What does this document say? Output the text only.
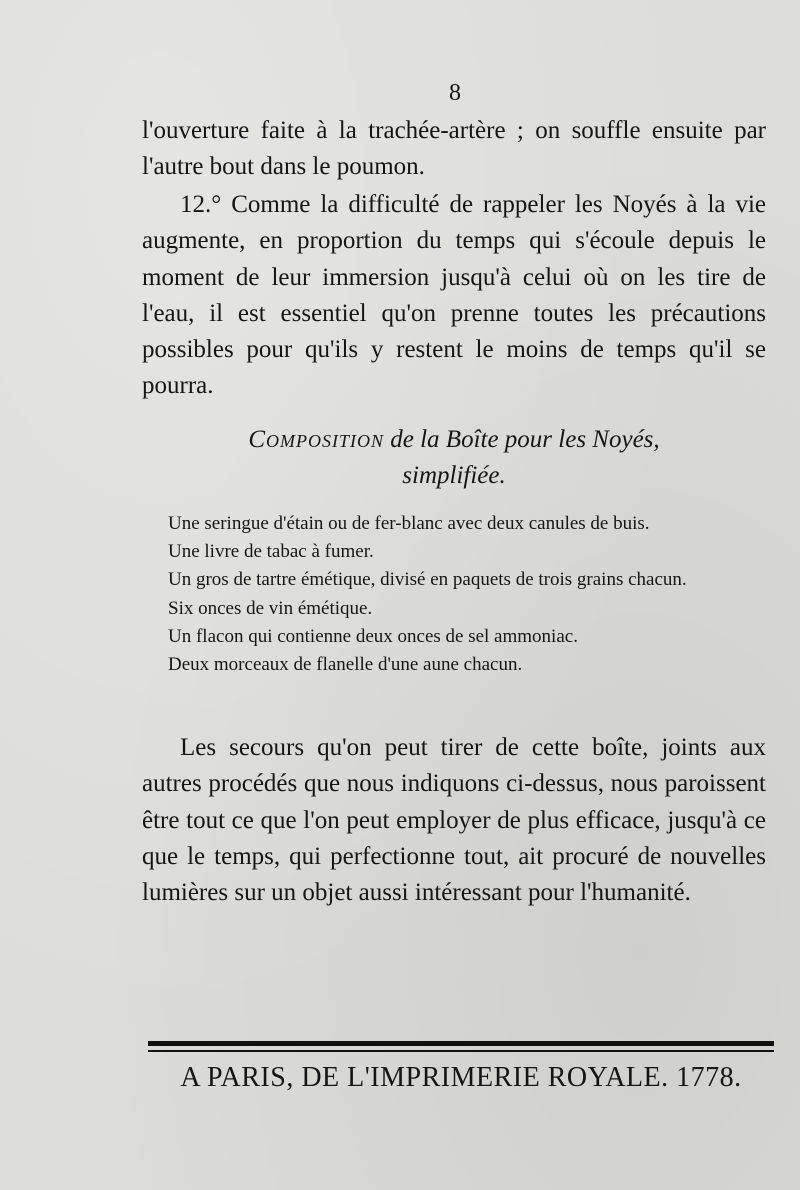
8

l'ouverture faite à la trachée-artère ; on souffle ensuite par l'autre bout dans le poumon.

12.° Comme la difficulté de rappeler les Noyés à la vie augmente, en proportion du temps qui s'écoule depuis le moment de leur immersion jusqu'à celui où on les tire de l'eau, il est essentiel qu'on prenne toutes les précautions possibles pour qu'ils y restent le moins de temps qu'il se pourra.

Composition de la Boîte pour les Noyés,
simplifiée.
Une seringue d'étain ou de fer-blanc avec deux canules de buis.
Une livre de tabac à fumer.
Un gros de tartre émétique, divisé en paquets de trois grains chacun.
Six onces de vin émétique.
Un flacon qui contienne deux onces de sel ammoniac.
Deux morceaux de flanelle d'une aune chacun.

Les secours qu'on peut tirer de cette boîte, joints aux autres procédés que nous indiquons ci-dessus, nous paroissent être tout ce que l'on peut employer de plus efficace, jusqu'à ce que le temps, qui perfectionne tout, ait procuré de nouvelles lumières sur un objet aussi intéressant pour l'humanité.

A PARIS, DE L'IMPRIMERIE ROYALE. 1778.
